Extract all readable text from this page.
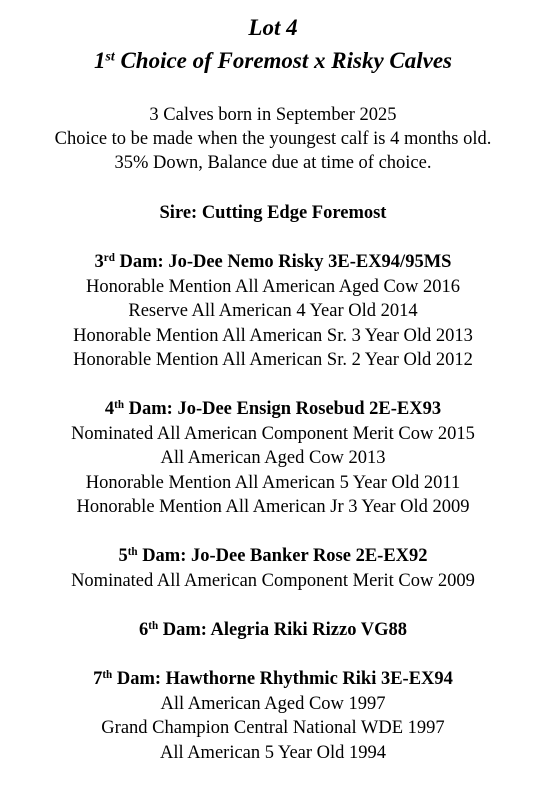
Lot 4
1st Choice of Foremost x Risky Calves
3 Calves born in September 2025
Choice to be made when the youngest calf is 4 months old.
35% Down, Balance due at time of choice.
Sire: Cutting Edge Foremost
3rd Dam: Jo-Dee Nemo Risky 3E-EX94/95MS
Honorable Mention All American Aged Cow 2016
Reserve All American 4 Year Old 2014
Honorable Mention All American Sr. 3 Year Old 2013
Honorable Mention All American Sr. 2 Year Old 2012
4th Dam: Jo-Dee Ensign Rosebud 2E-EX93
Nominated All American Component Merit Cow 2015
All American Aged Cow 2013
Honorable Mention All American 5 Year Old 2011
Honorable Mention All American Jr 3 Year Old 2009
5th Dam: Jo-Dee Banker Rose 2E-EX92
Nominated All American Component Merit Cow 2009
6th Dam: Alegria Riki Rizzo VG88
7th Dam: Hawthorne Rhythmic Riki 3E-EX94
All American Aged Cow 1997
Grand Champion Central National WDE 1997
All American 5 Year Old 1994
